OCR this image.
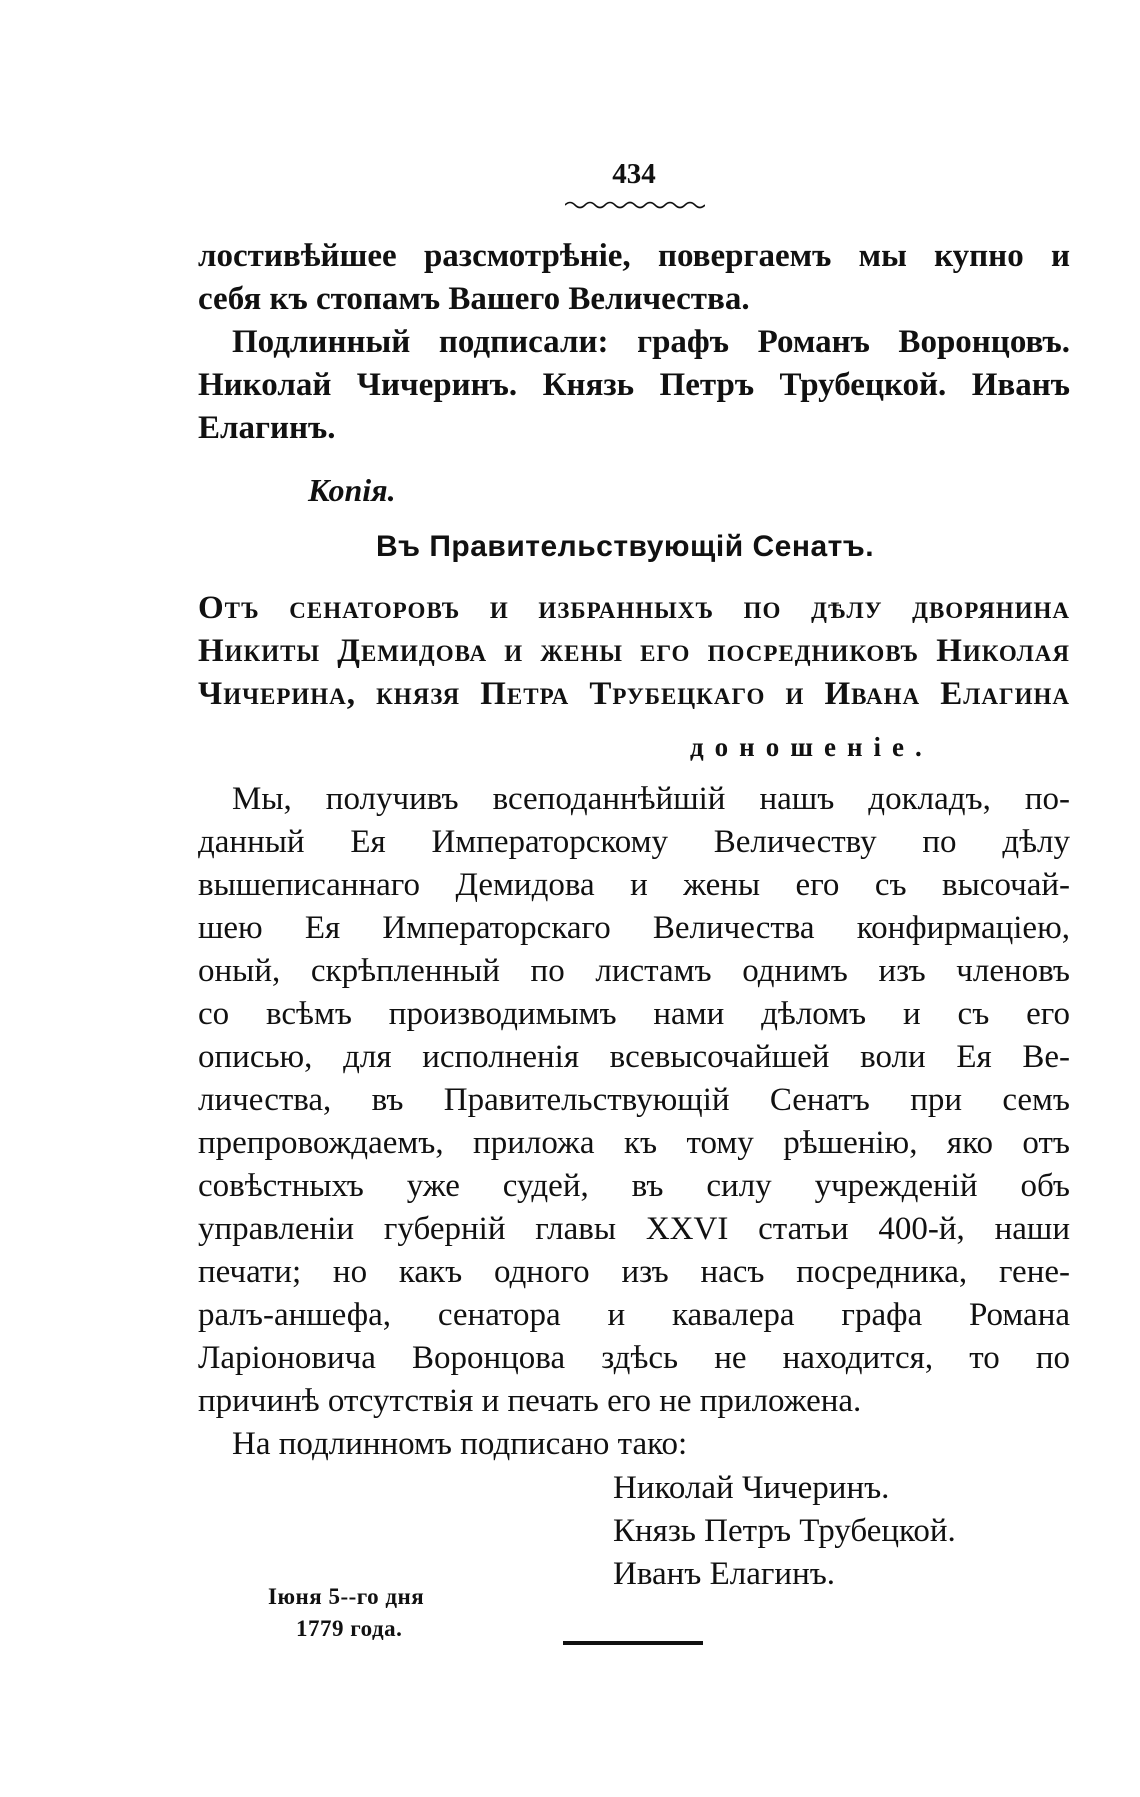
434
лостивѣйшее разсмотрѣніе, повергаемъ мы купно и
себя къ стопамъ Вашего Величества.
Подлинный подписали: графъ Романъ Воронцовъ.
Николай Чичеринъ. Князь Петръ Трубецкой. Иванъ
Елагинъ.
Копія.
Въ Правительствующій Сенатъ.
Отъ сенаторовъ и избранныхъ по дѣлу дворянина
Никиты Демидова и жены его посредниковъ Николая
Чичерина, князя Петра Трубецкаго и Ивана Елагина
доношеніе.
Мы, получивъ всеподаннѣйшій нашъ докладъ, по-
данный Ея Императорскому Величеству по дѣлу
вышеписаннаго Демидова и жены его съ высочай-
шею Ея Императорскаго Величества конфирмаціею,
оный, скрѣпленный по листамъ однимъ изъ членовъ
со всѣмъ производимымъ нами дѣломъ и съ его
описью, для исполненія всевысочайшей воли Ея Ве-
личества, въ Правительствующій Сенатъ при семъ
препровождаемъ, приложа къ тому рѣшенію, яко отъ
совѣстныхъ уже судей, въ силу учрежденій объ
управленіи губерній главы XXVI статьи 400-й, наши
печати; но какъ одного изъ насъ посредника, гене-
ралъ-аншефа, сенатора и кавалера графа Романа
Ларіоновича Воронцова здѣсь не находится, то по
причинѣ отсутствія и печать его не приложена.
На подлинномъ подписано тако:
Николай Чичеринъ.
Князь Петръ Трубецкой.
Иванъ Елагинъ.
Іюня 5--го дня
1779 года.
